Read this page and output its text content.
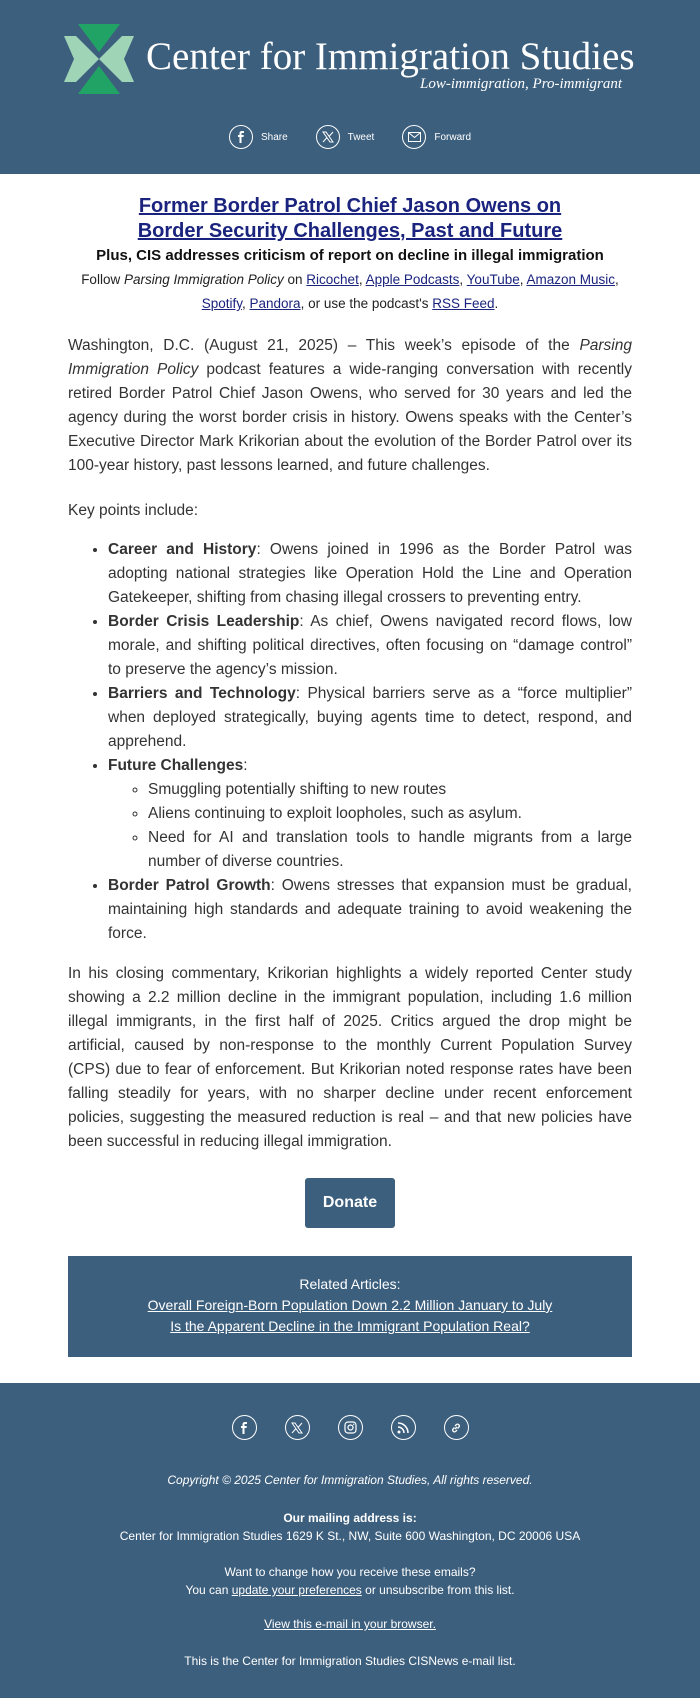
Center for Immigration Studies
Low-immigration, Pro-immigrant
Share	Tweet	Forward
Former Border Patrol Chief Jason Owens on
Border Security Challenges, Past and Future
Plus, CIS addresses criticism of report on decline in illegal immigration
Follow Parsing Immigration Policy on Ricochet, Apple Podcasts, YouTube, Amazon Music, Spotify, Pandora, or use the podcast's RSS Feed.

Washington, D.C. (August 21, 2025) – This week’s episode of the Parsing Immigration Policy podcast features a wide-ranging conversation with recently retired Border Patrol Chief Jason Owens, who served for 30 years and led the agency during the worst border crisis in history. Owens speaks with the Center’s Executive Director Mark Krikorian about the evolution of the Border Patrol over its 100-year history, past lessons learned, and future challenges.

Key points include:

• Career and History: Owens joined in 1996 as the Border Patrol was adopting national strategies like Operation Hold the Line and Operation Gatekeeper, shifting from chasing illegal crossers to preventing entry.
• Border Crisis Leadership: As chief, Owens navigated record flows, low morale, and shifting political directives, often focusing on “damage control” to preserve the agency’s mission.
• Barriers and Technology: Physical barriers serve as a “force multiplier” when deployed strategically, buying agents time to detect, respond, and apprehend.
• Future Challenges:
◦ Smuggling potentially shifting to new routes
◦ Aliens continuing to exploit loopholes, such as asylum.
◦ Need for AI and translation tools to handle migrants from a large number of diverse countries.
• Border Patrol Growth: Owens stresses that expansion must be gradual, maintaining high standards and adequate training to avoid weakening the force.

In his closing commentary, Krikorian highlights a widely reported Center study showing a 2.2 million decline in the immigrant population, including 1.6 million illegal immigrants, in the first half of 2025. Critics argued the drop might be artificial, caused by non-response to the monthly Current Population Survey (CPS) due to fear of enforcement. But Krikorian noted response rates have been falling steadily for years, with no sharper decline under recent enforcement policies, suggesting the measured reduction is real – and that new policies have been successful in reducing illegal immigration.

Donate
Related Articles:
Overall Foreign-Born Population Down 2.2 Million January to July
Is the Apparent Decline in the Immigrant Population Real?
Copyright © 2025 Center for Immigration Studies, All rights reserved.
Our mailing address is:
Center for Immigration Studies 1629 K St., NW, Suite 600 Washington, DC 20006 USA
Want to change how you receive these emails?
You can update your preferences or unsubscribe from this list.
View this e-mail in your browser.
This is the Center for Immigration Studies CISNews e-mail list.
